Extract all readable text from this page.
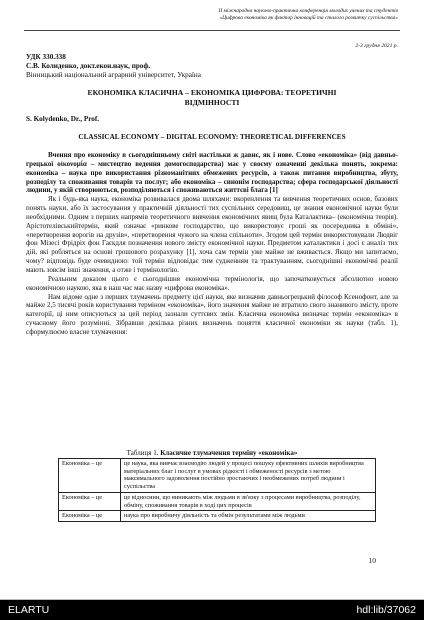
ІІ міжнародна науково-практична конференція молодих учених та студентів
«Цифрова економіка як фактор інновацій та сталого розвитку суспільства»
2-3 грудня 2021 р.
УДК 330.338
С.В. Колиденко, докт.екон.наук, проф.
Вінницький національний аграрний університет, Україна
ЕКОНОМІКА КЛАСИЧНА – ЕКОНОМІКА ЦИФРОВА: ТЕОРЕТИЧНІ
ВІДМІННОСТІ
S. Kolydenko, Dr., Prof.
CLASSICAL ECONOMY – DIGITAL ECONOMY: THEORETICAL DIFFERENCES

Вчення про економіку в сьогоднішньому світі настільки ж давнє, як і нове. Слово «економіка» (від давньо-грецької οἰκονομία – мистецтво ведення домогосподарства) має у своєму означенні декілька понять, зокрема: економіка – наука про використання різноманітних обмежених ресурсів, а також питання виробництва, збуту, розподілу та споживання товарів та послуг; або економіка – синонім господарства; сфера господарської діяльності людини, у якій створюються, розподіляються і споживаються життєві блага [1]

Як і будь-яка наука, економіка розвивалася двома шляхами: вкоренлення та вивчення теоретичних основ, базових понять науки, або їх застосування у практичній діяльності тих суспільних середовищ, це знання економічної науки були необхідними. Одним з перших напрямів теоретичного вивчення економічних явищ була Каталактика– (економічна теорія). Арістотелівськийтермін, який означає «ринкове господарство, що використовує гроші як посередника в обміні», «перетворення ворогів на друзів», «перетворення чужого на члена спільноти». Згодом цей термін використовували Людвіг фон Мізесі Фрідріх фон Гаєкдля позначення нового змісту економічної науки. Предметом каталактики і досі є аналіз тих дій, які робляться на основі грошового розрахунку [1], хоча сам термін уже майже не вживається. Якщо ми запитаємо, чому? відповідь буде очевидною: той термін відповідає тим судженням та трактуванням, сьогоднішні економічні реалії мають зовсім інші значення, а отже і термінологію.

Реальним доказом цього є сьогоднішня економічна термінологія, що започатковується абсолютно новою економічною наукою, яка в наш час має назву «цифрова економіка».

Нам відоме одне з перших тлумачень предмету цієї науки, яке визначив давньогрецький філософ Ксенофонт, але за майже 2,5 тисячі років користування терміном «економіка», його значення майже не втратило свого знанивого змісту, проте категорії, ці ним описуються за цей період зазнали суттєвих змін. Класична економіка визначає термін «економіка» в сучасному його розумінні. Зібравши декілька різних визначень поняття класичної економіки як науки (табл. 1), сформулюємо власне тлумачення:

Таблиця 1. Класичне тлумачення терміну «економіка»
Економіка – це	це наука, яка вивчає взаємодію людей у процесі пошуку ефективних шляхів виробництва матеріальних благ і послуг в умовах рідкості і обмеженості ресурсів з метою максимального задоволення постійно зростаючих і необмежених потреб людини і суспільства
Економіка – це	це відносини, що виникають між людьми в зв'язку з процесами виробництва, розподілу, обміну, споживання товарів в ході цих процесів
Економіка – це	наука про виробничу діяльність та обмін результатами між людьми
10
ELARTU	hdl:lib/37062
